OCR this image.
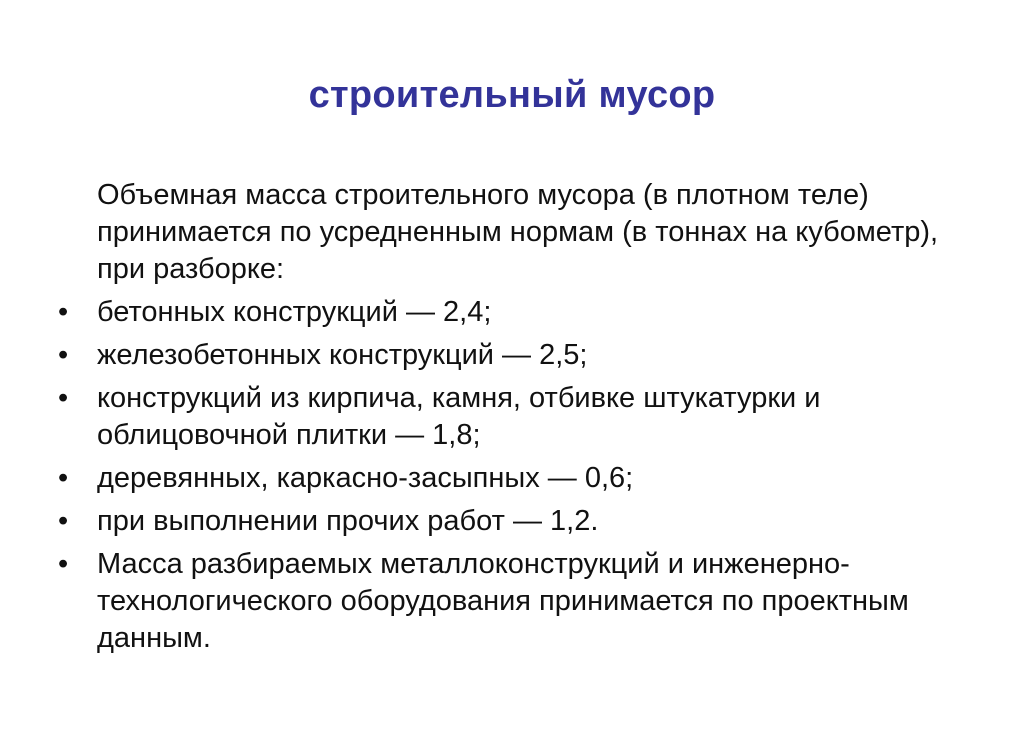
строительный мусор

Объемная масса строительного мусора (в плотном теле) принимается по усредненным нормам (в тоннах на кубометр), при разборке:

• бетонных конструкций — 2,4;
• железобетонных конструкций — 2,5;
• конструкций из кирпича, камня, отбивке штукатурки и облицовочной плитки — 1,8;
• деревянных, каркасно-засыпных — 0,6;
• при выполнении прочих работ — 1,2.
• Масса разбираемых металлоконструкций и инженерно-технологического оборудования принимается по проектным данным.
